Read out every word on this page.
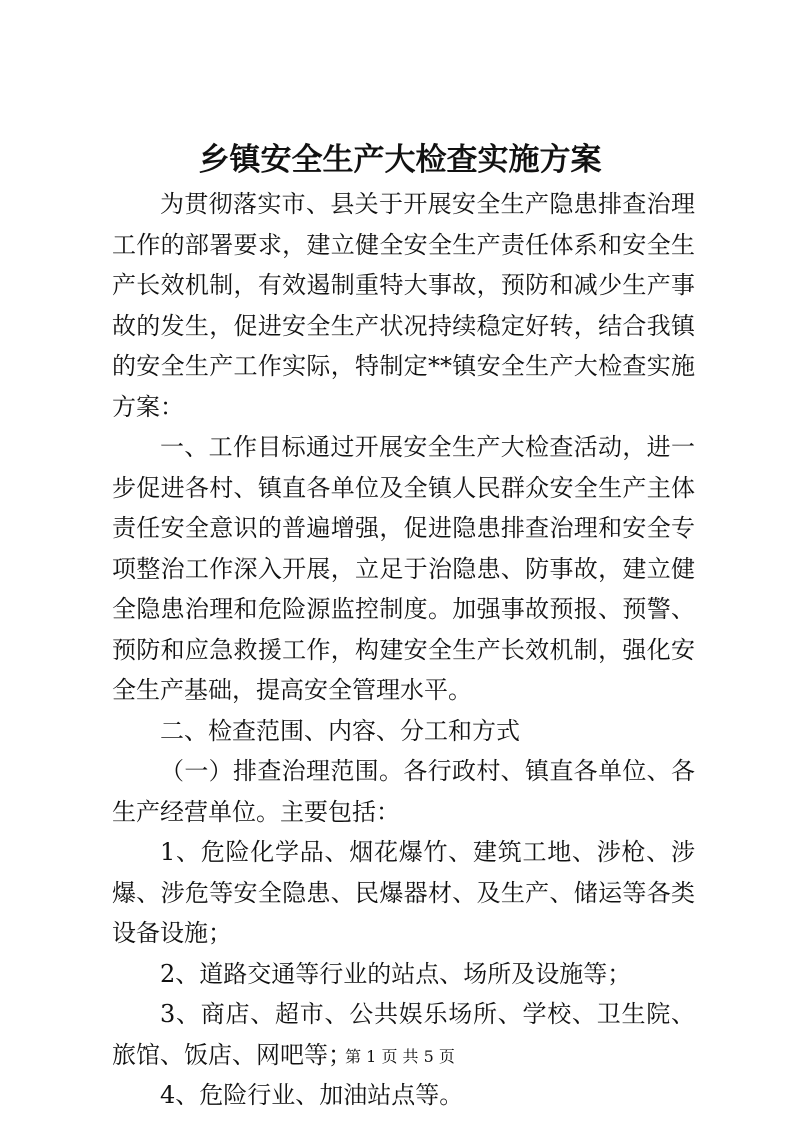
乡镇安全生产大检查实施方案

为贯彻落实市、县关于开展安全生产隐患排查治理工作的部署要求，建立健全安全生产责任体系和安全生产长效机制，有效遏制重特大事故，预防和减少生产事故的发生，促进安全生产状况持续稳定好转，结合我镇的安全生产工作实际，特制定**镇安全生产大检查实施方案：

一、工作目标通过开展安全生产大检查活动，进一步促进各村、镇直各单位及全镇人民群众安全生产主体责任安全意识的普遍增强，促进隐患排查治理和安全专项整治工作深入开展，立足于治隐患、防事故，建立健全隐患治理和危险源监控制度。加强事故预报、预警、预防和应急救援工作，构建安全生产长效机制，强化安全生产基础，提高安全管理水平。

二、检查范围、内容、分工和方式

（一）排查治理范围。各行政村、镇直各单位、各生产经营单位。主要包括：

1、危险化学品、烟花爆竹、建筑工地、涉枪、涉爆、涉危等安全隐患、民爆器材、及生产、储运等各类设备设施；

2、道路交通等行业的站点、场所及设施等；

3、商店、超市、公共娱乐场所、学校、卫生院、旅馆、饭店、网吧等；

4、危险行业、加油站点等。

第 1 页 共 5 页
